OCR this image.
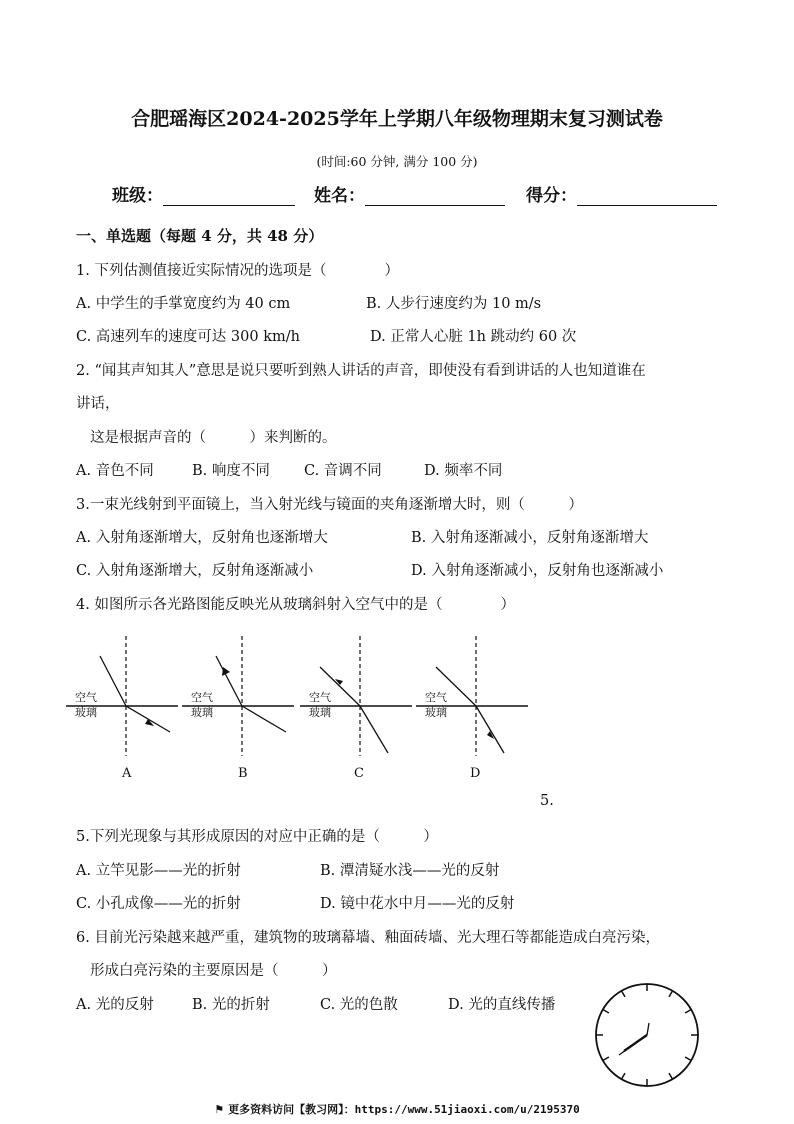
合肥瑶海区2024-2025学年上学期八年级物理期末复习测试卷
(时间:60 分钟, 满分 100 分)
班级：	姓名：	得分：
一、单选题（每题 4 分，共 48 分）
1. 下列估测值接近实际情况的选项是（　　　　）
A. 中学生的手掌宽度约为 40 cm	B. 人步行速度约为 10 m/s
C. 高速列车的速度可达 300 km/h	D. 正常人心脏 1h 跳动约 60 次
2. “闻其声知其人”意思是说只要听到熟人讲话的声音，即使没有看到讲话的人也知道谁在
讲话，
这是根据声音的（　　　）来判断的。
A. 音色不同	B. 响度不同 C. 音调不同	D. 频率不同
3.一束光线射到平面镜上，当入射光线与镜面的夹角逐渐增大时，则（　　　）
A. 入射角逐渐增大，反射角也逐渐增大	B. 入射角逐渐减小，反射角逐渐增大
C. 入射角逐渐增大，反射角逐渐减小	D. 入射角逐渐减小，反射角也逐渐减小
4. 如图所示各光路图能反映光从玻璃斜射入空气中的是（　　　　）
空气
玻璃
A
空气
玻璃
B
空气
玻璃
C
空气
玻璃
D
5.
5.下列光现象与其形成原因的对应中正确的是（　　　）
A. 立竿见影——光的折射	B. 潭清疑水浅——光的反射
C. 小孔成像——光的折射	D. 镜中花水中月——光的反射
6. 目前光污染越来越严重，建筑物的玻璃幕墙、釉面砖墙、光大理石等都能造成白亮污染，
形成白亮污染的主要原因是（　　　）
A. 光的反射	B. 光的折射	C. 光的色散	D. 光的直线传播
⚑ 更多资料访问【教习网】：https://www.51jiaoxi.com/u/2195370
